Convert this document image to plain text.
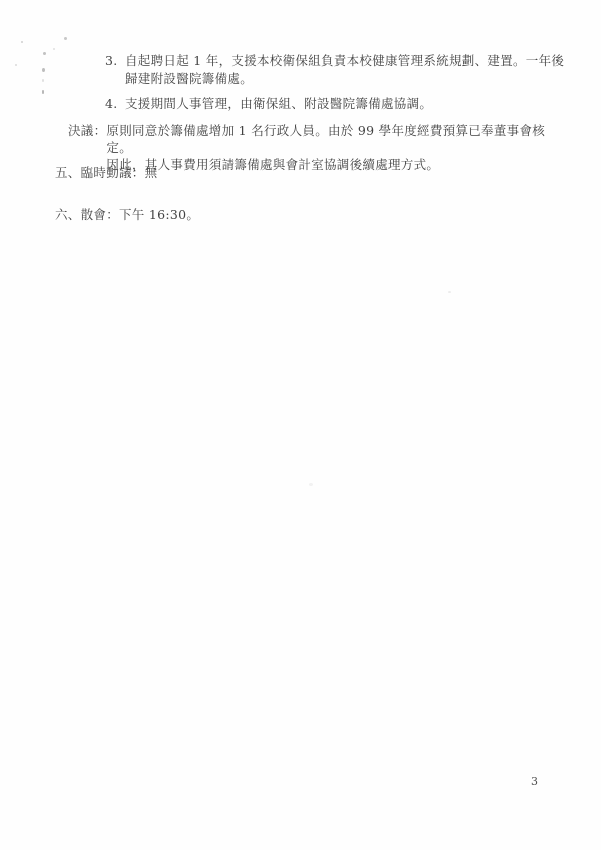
3. 自起聘日起 1 年，支援本校衛保組負責本校健康管理系統規劃、建置。一年後
歸建附設醫院籌備處。
4. 支援期間人事管理，由衛保組、附設醫院籌備處協調。
決議： 原則同意於籌備處增加 1 名行政人員。由於 99 學年度經費預算已奉董事會核定。
因此，其人事費用須請籌備處與會計室協調後續處理方式。
五、臨時動議：無
六、散會：下午 16:30。
3
